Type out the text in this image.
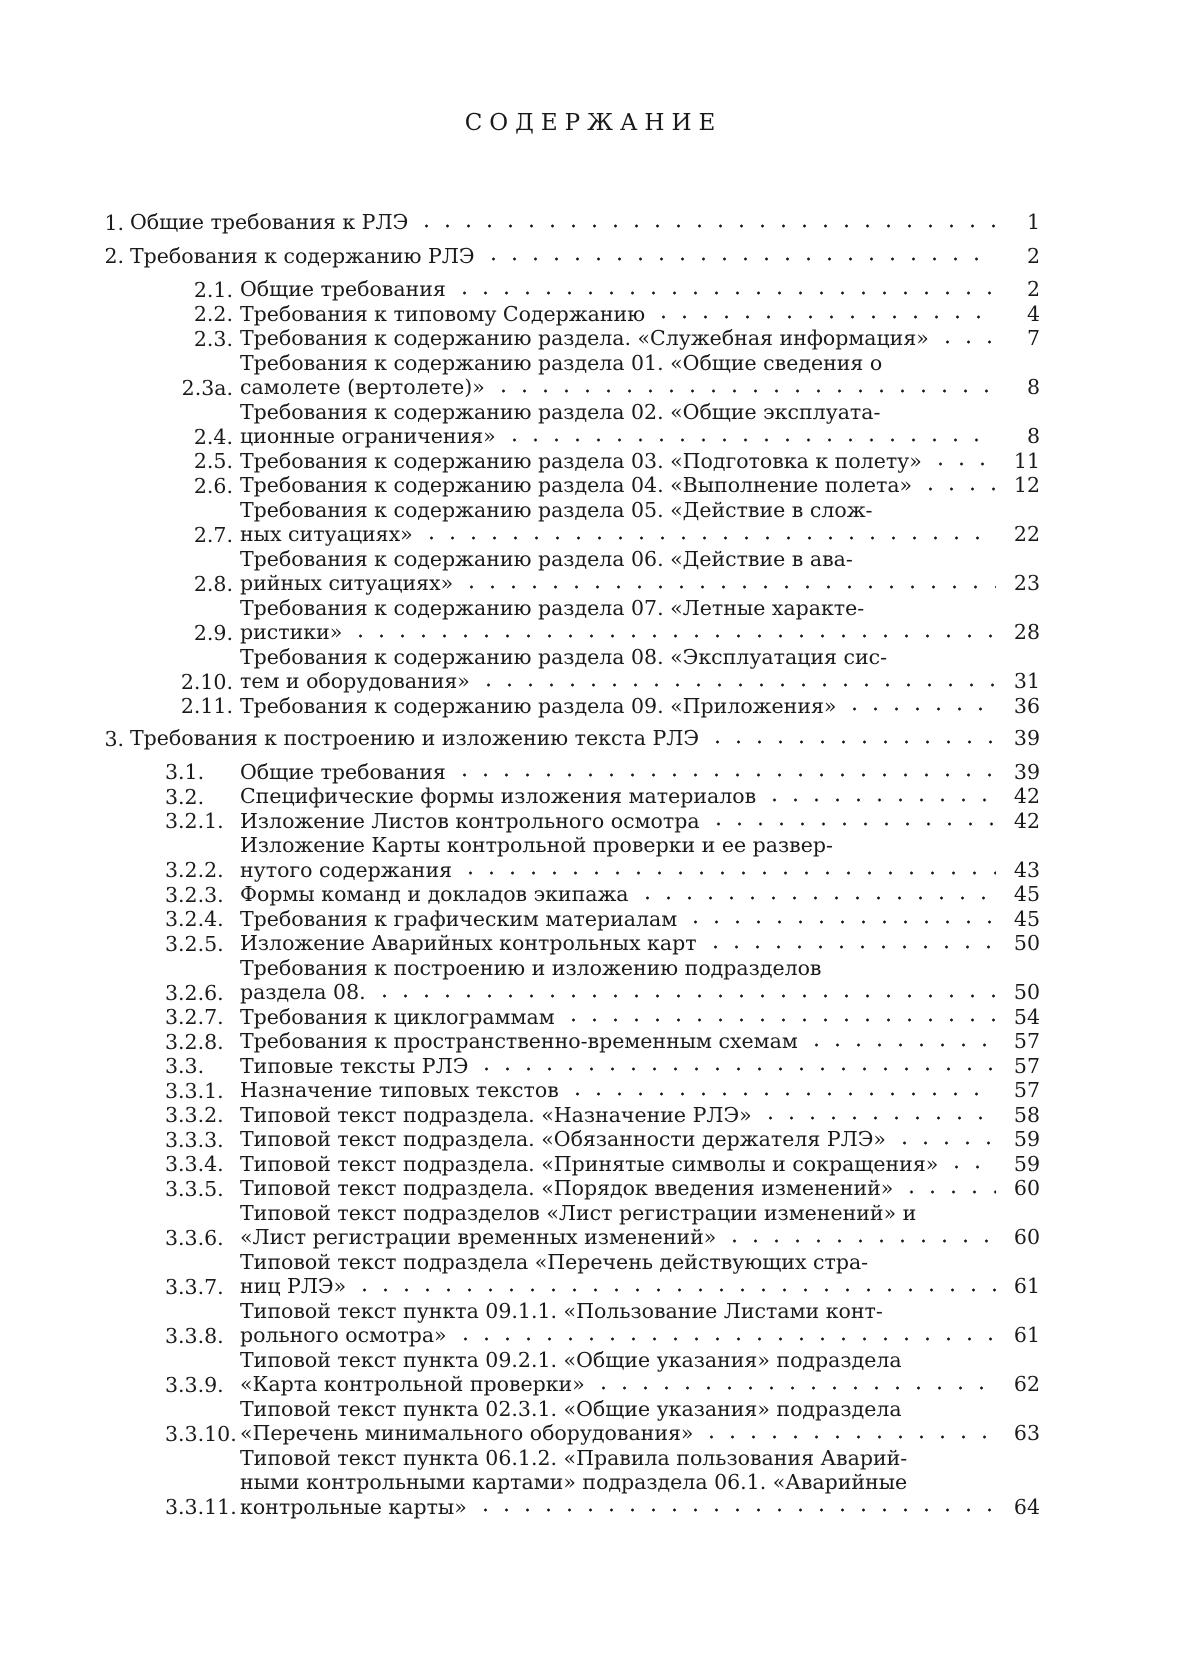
СОДЕРЖАНИЕ
1. Общие требования к РЛЭ	1
2. Требования к содержанию РЛЭ	2
2.1. Общие требования	2
2.2. Требования к типовому Содержанию	4
2.3. Требования к содержанию раздела. «Служебная информация»	7
2.3а.
Требования к содержанию раздела 01. «Общие сведения о
самолете (вертолете)»	8
2.4.
Требования к содержанию раздела 02. «Общие эксплуата-
ционные ограничения»	8
2.5. Требования к содержанию раздела 03. «Подготовка к полету»	11
2.6. Требования к содержанию раздела 04. «Выполнение полета»	12
2.7.
Требования к содержанию раздела 05. «Действие в слож-
ных ситуациях»	22
2.8.
Требования к содержанию раздела 06. «Действие в ава-
рийных ситуациях»	23
2.9.
Требования к содержанию раздела 07. «Летные характе-
ристики»	28
2.10.
Требования к содержанию раздела 08. «Эксплуатация сис-
тем и оборудования»	31
2.11. Требования к содержанию раздела 09. «Приложения»	36
3. Требования к построению и изложению текста РЛЭ	39
3.1.	Общие требования	39
3.2.	Специфические формы изложения материалов	42
3.2.1. Изложение Листов контрольного осмотра	42
3.2.2.
Изложение Карты контрольной проверки и ее развер-
нутого содержания	43
3.2.3. Формы команд и докладов экипажа	45
3.2.4. Требования к графическим материалам	45
3.2.5. Изложение Аварийных контрольных карт	50
3.2.6.
Требования к построению и изложению подразделов
раздела 08.	50
3.2.7. Требования к циклограммам	54
3.2.8. Требования к пространственно-временным схемам	57
3.3.	Типовые тексты РЛЭ	57
3.3.1. Назначение типовых текстов	57
3.3.2. Типовой текст подраздела. «Назначение РЛЭ»	58
3.3.3. Типовой текст подраздела. «Обязанности держателя РЛЭ»	59
3.3.4. Типовой текст подраздела. «Принятые символы и сокращения»	59
3.3.5. Типовой текст подраздела. «Порядок введения изменений»	60
3.3.6.
Типовой текст подразделов «Лист регистрации изменений» и
«Лист регистрации временных изменений»	60
3.3.7.
Типовой текст подраздела «Перечень действующих стра-
ниц РЛЭ»	61
3.3.8.
Типовой текст пункта 09.1.1. «Пользование Листами конт-
рольного осмотра»	61
3.3.9.
Типовой текст пункта 09.2.1. «Общие указания» подраздела
«Карта контрольной проверки»	62
3.3.10.
Типовой текст пункта 02.3.1. «Общие указания» подраздела
«Перечень минимального оборудования»	63
3.3.11.
Типовой текст пункта 06.1.2. «Правила пользования Аварий-
ными контрольными картами» подраздела 06.1. «Аварийные
контрольные карты»	64
